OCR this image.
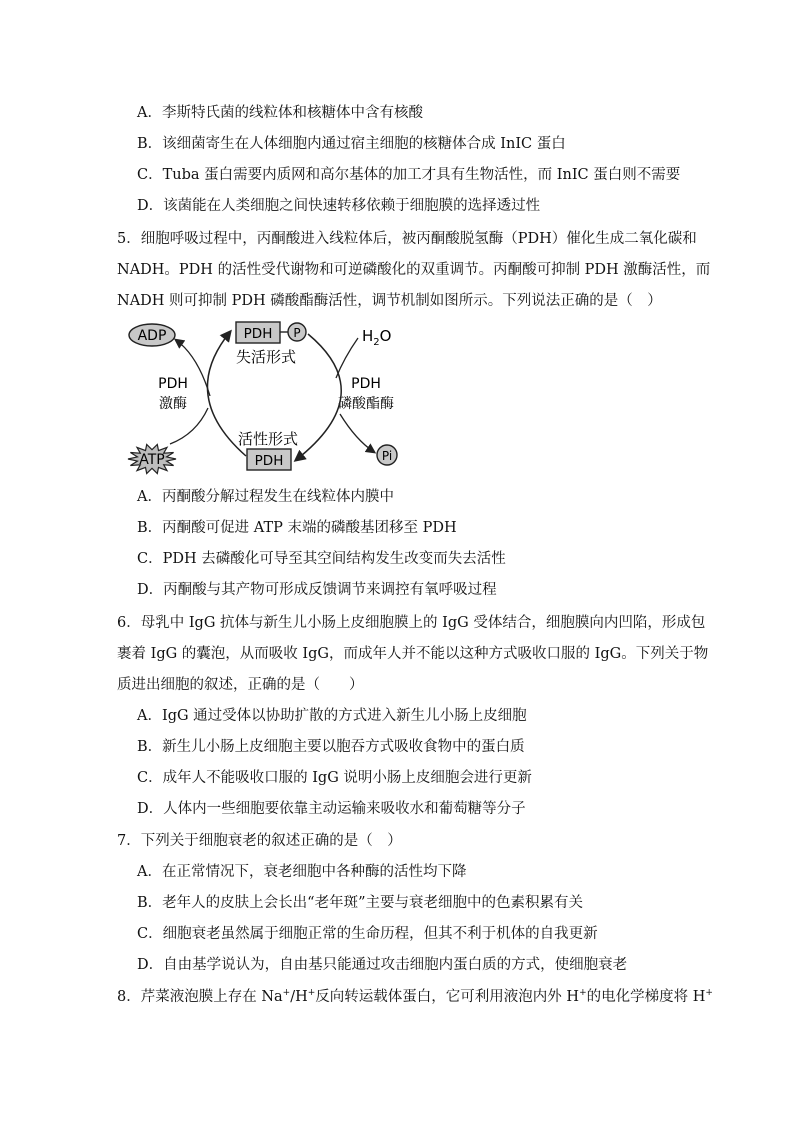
A．李斯特氏菌的线粒体和核糖体中含有核酸
B．该细菌寄生在人体细胞内通过宿主细胞的核糖体合成 InIC 蛋白
C．Tuba 蛋白需要内质网和高尔基体的加工才具有生物活性，而 InIC 蛋白则不需要
D．该菌能在人类细胞之间快速转移依赖于细胞膜的选择透过性
5．细胞呼吸过程中，丙酮酸进入线粒体后，被丙酮酸脱氢酶（PDH）催化生成二氧化碳和
NADH。PDH 的活性受代谢物和可逆磷酸化的双重调节。丙酮酸可抑制 PDH 激酶活性，而
NADH 则可抑制 PDH 磷酸酯酶活性，调节机制如图所示。下列说法正确的是（　）
ADP
ATP
PDH P
失活形式
活性形式
PDH
$H_2O$
Pi
PDH
激酶
PDH
磷酸酯酶
A．丙酮酸分解过程发生在线粒体内膜中
B．丙酮酸可促进 ATP 末端的磷酸基团移至 PDH
C．PDH 去磷酸化可导至其空间结构发生改变而失去活性
D．丙酮酸与其产物可形成反馈调节来调控有氧呼吸过程
6．母乳中 IgG 抗体与新生儿小肠上皮细胞膜上的 IgG 受体结合，细胞膜向内凹陷，形成包
裹着 IgG 的囊泡，从而吸收 IgG，而成年人并不能以这种方式吸收口服的 IgG。下列关于物
质进出细胞的叙述，正确的是（　　）
A．IgG 通过受体以协助扩散的方式进入新生儿小肠上皮细胞
B．新生儿小肠上皮细胞主要以胞吞方式吸收食物中的蛋白质
C．成年人不能吸收口服的 IgG 说明小肠上皮细胞会进行更新
D．人体内一些细胞要依靠主动运输来吸收水和葡萄糖等分子
7．下列关于细胞衰老的叙述正确的是（　）
A．在正常情况下，衰老细胞中各种酶的活性均下降
B．老年人的皮肤上会长出“老年斑”主要与衰老细胞中的色素积累有关
C．细胞衰老虽然属于细胞正常的生命历程，但其不利于机体的自我更新
D．自由基学说认为，自由基只能通过攻击细胞内蛋白质的方式，使细胞衰老
8．芹菜液泡膜上存在 Na+/H+反向转运载体蛋白，它可利用液泡内外 H+的电化学梯度将 H+
